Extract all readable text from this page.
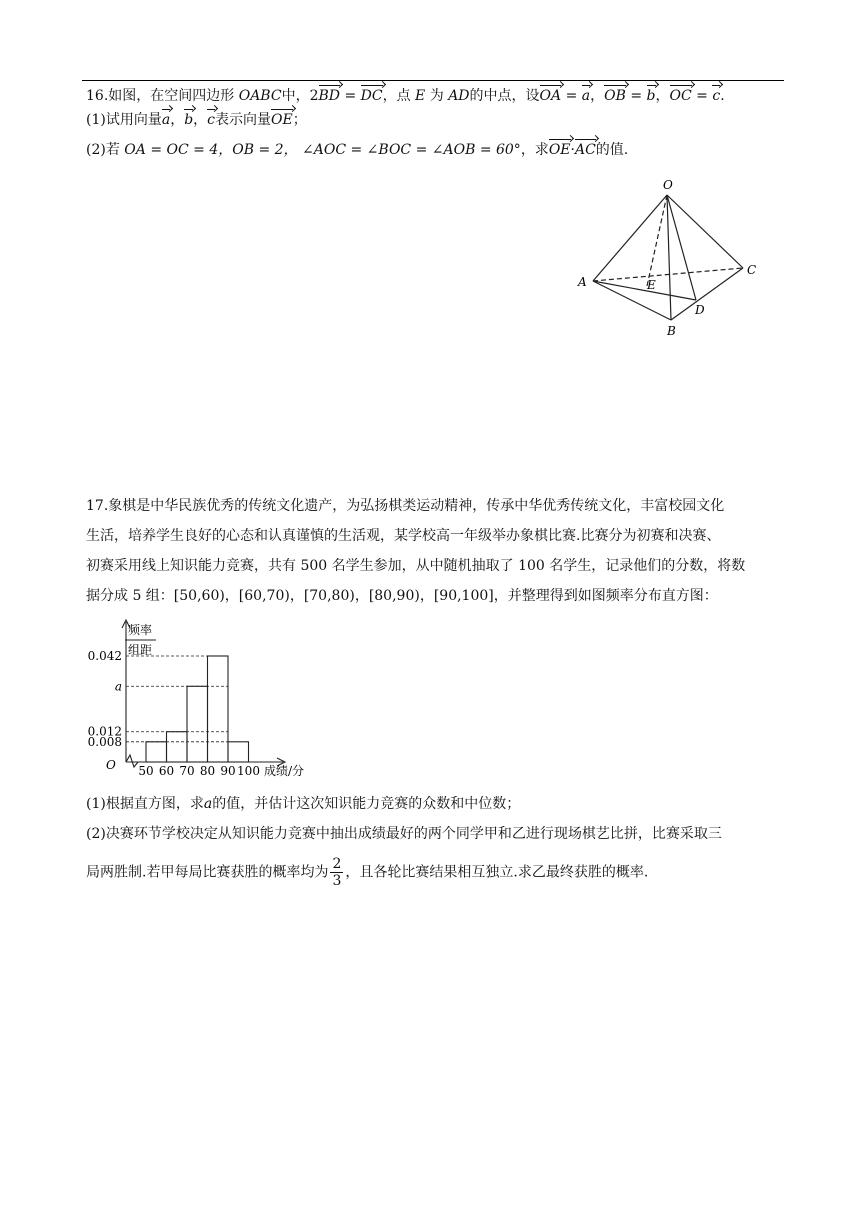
16.如图，在空间四边形 OABC中，2BD = DC，点 E 为 AD的中点，设OA = a，OB = b，OC = c.
(1)试用向量a，b，c表示向量OE；
(2)若 OA = OC = 4，OB = 2， ∠AOC = ∠BOC = ∠AOB = 60°，求OE·AC的值.
O
A
B
C
D
E
17.象棋是中华民族优秀的传统文化遗产，为弘扬棋类运动精神，传承中华优秀传统文化，丰富校园文化
生活，培养学生良好的心态和认真谨慎的生活观，某学校高一年级举办象棋比赛.比赛分为初赛和决赛、
初赛采用线上知识能力竞赛，共有 500 名学生参加，从中随机抽取了 100 名学生，记录他们的分数，将数
据分成 5 组：[50,60)，[60,70)，[70,80)，[80,90)，[90,100]，并整理得到如图频率分布直方图：
频率
组距
O	成绩/分
0.042
a
0.012
0.008
50 60 70 80 90 100
(1)根据直方图，求a的值，并估计这次知识能力竞赛的众数和中位数；
(2)决赛环节学校决定从知识能力竞赛中抽出成绩最好的两个同学甲和乙进行现场棋艺比拼，比赛采取三
局两胜制.若甲每局比赛获胜的概率均为 $\frac{2}{3}$ ，且各轮比赛结果相互独立.求乙最终获胜的概率.
